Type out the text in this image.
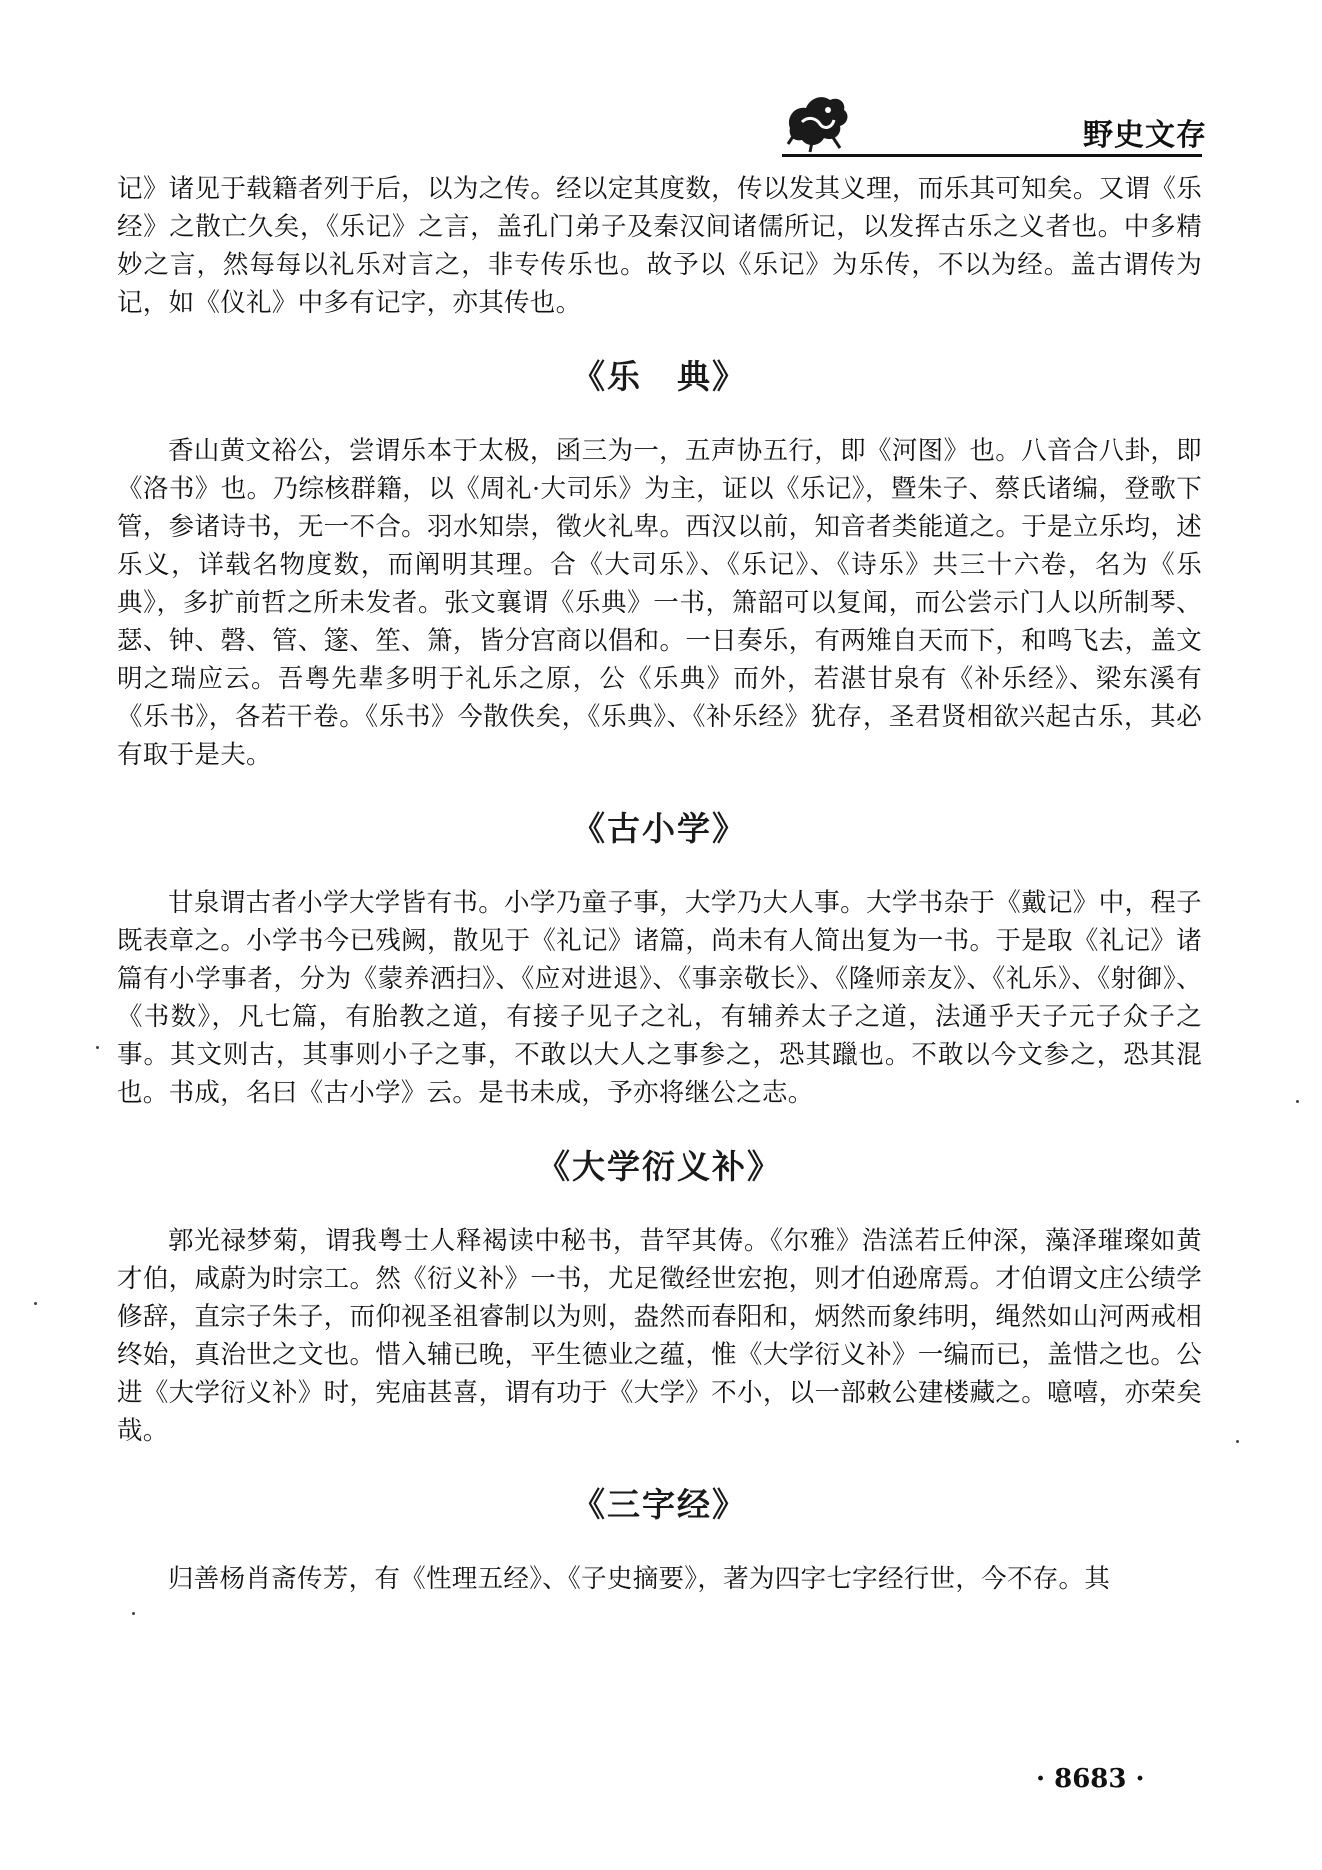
野史文存

记》诸见于载籍者列于后，以为之传。经以定其度数，传以发其义理，而乐其可知矣。又谓《乐经》之散亡久矣，《乐记》之言，盖孔门弟子及秦汉间诸儒所记，以发挥古乐之义者也。中多精妙之言，然每每以礼乐对言之，非专传乐也。故予以《乐记》为乐传，不以为经。盖古谓传为记，如《仪礼》中多有记字，亦其传也。

《乐　典》

香山黄文裕公，尝谓乐本于太极，函三为一，五声协五行，即《河图》也。八音合八卦，即《洛书》也。乃综核群籍，以《周礼·大司乐》为主，证以《乐记》，暨朱子、蔡氏诸编，登歌下管，参诸诗书，无一不合。羽水知崇，徵火礼卑。西汉以前，知音者类能道之。于是立乐均，述乐义，详载名物度数，而阐明其理。合《大司乐》、《乐记》、《诗乐》共三十六卷，名为《乐典》，多扩前哲之所未发者。张文襄谓《乐典》一书，箫韶可以复闻，而公尝示门人以所制琴、瑟、钟、磬、管、篴、笙、箫，皆分宫商以倡和。一日奏乐，有两雉自天而下，和鸣飞去，盖文明之瑞应云。吾粤先辈多明于礼乐之原，公《乐典》而外，若湛甘泉有《补乐经》、梁东溪有《乐书》，各若干卷。《乐书》今散佚矣，《乐典》、《补乐经》犹存，圣君贤相欲兴起古乐，其必有取于是夫。

《古小学》

甘泉谓古者小学大学皆有书。小学乃童子事，大学乃大人事。大学书杂于《戴记》中，程子既表章之。小学书今已残阙，散见于《礼记》诸篇，尚未有人简出复为一书。于是取《礼记》诸篇有小学事者，分为《蒙养洒扫》、《应对进退》、《事亲敬长》、《隆师亲友》、《礼乐》、《射御》、《书数》，凡七篇，有胎教之道，有接子见子之礼，有辅养太子之道，法通乎天子元子众子之事。其文则古，其事则小子之事，不敢以大人之事参之，恐其躐也。不敢以今文参之，恐其混也。书成，名曰《古小学》云。是书未成，予亦将继公之志。

《大学衍义补》

郭光禄梦菊，谓我粤士人释褐读中秘书，昔罕其俦。《尔雅》浩溔若丘仲深，藻泽璀璨如黄才伯，咸蔚为时宗工。然《衍义补》一书，尤足徵经世宏抱，则才伯逊席焉。才伯谓文庄公绩学修辞，直宗子朱子，而仰视圣祖睿制以为则，盎然而春阳和，炳然而象纬明，绳然如山河两戒相终始，真治世之文也。惜入辅已晚，平生德业之蕴，惟《大学衍义补》一编而已，盖惜之也。公进《大学衍义补》时，宪庙甚喜，谓有功于《大学》不小，以一部敕公建楼藏之。噫嘻，亦荣矣哉。

《三字经》

归善杨肖斋传芳，有《性理五经》、《子史摘要》，著为四字七字经行世，今不存。其

· 8683 ·
